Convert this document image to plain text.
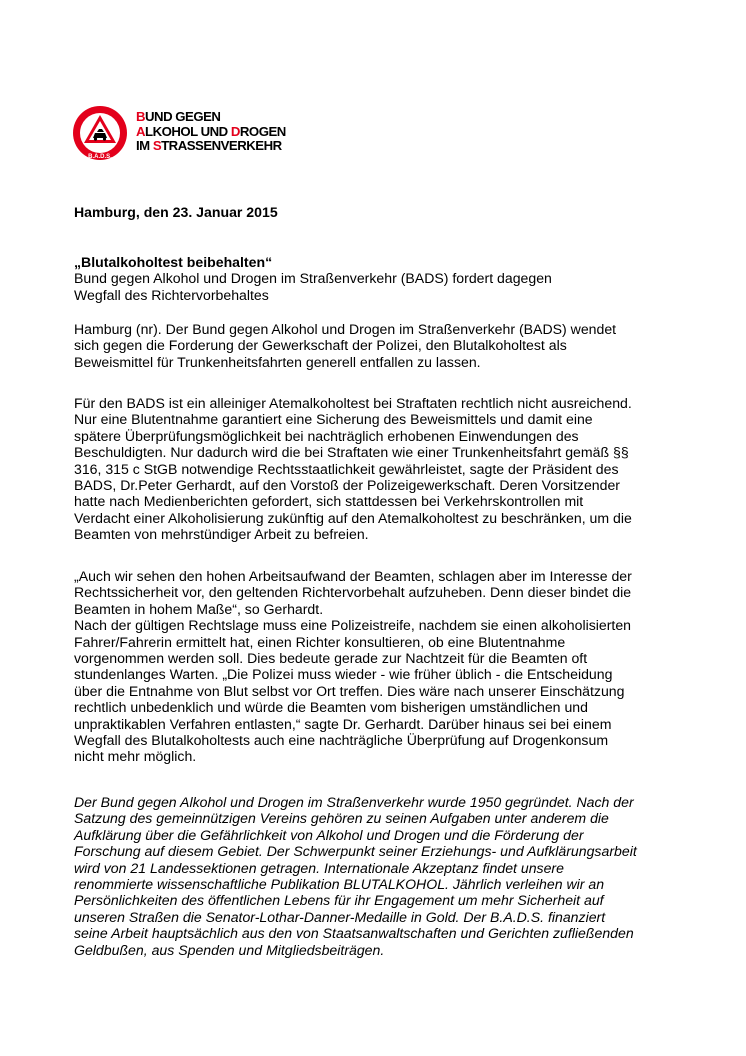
B.A.D.S.
BUND GEGEN
ALKOHOL UND DROGEN
IM STRASSENVERKEHR
Hamburg, den 23. Januar 2015
„Blutalkoholtest beibehalten“
Bund gegen Alkohol und Drogen im Straßenverkehr (BADS) fordert dagegen
Wegfall des Richtervorbehaltes
Hamburg (nr). Der Bund gegen Alkohol und Drogen im Straßenverkehr (BADS) wendet
sich gegen die Forderung der Gewerkschaft der Polizei, den Blutalkoholtest als
Beweismittel für Trunkenheitsfahrten generell entfallen zu lassen.
Für den BADS ist ein alleiniger Atemalkoholtest bei Straftaten rechtlich nicht ausreichend.
Nur eine Blutentnahme garantiert eine Sicherung des Beweismittels und damit eine
spätere Überprüfungsmöglichkeit bei nachträglich erhobenen Einwendungen des
Beschuldigten. Nur dadurch wird die bei Straftaten wie einer Trunkenheitsfahrt gemäß §§
316, 315 c StGB notwendige Rechtsstaatlichkeit gewährleistet, sagte der Präsident des
BADS, Dr.Peter Gerhardt, auf den Vorstoß der Polizeigewerkschaft. Deren Vorsitzender
hatte nach Medienberichten gefordert, sich stattdessen bei Verkehrskontrollen mit
Verdacht einer Alkoholisierung zukünftig auf den Atemalkoholtest zu beschränken, um die
Beamten von mehrstündiger Arbeit zu befreien.
„Auch wir sehen den hohen Arbeitsaufwand der Beamten, schlagen aber im Interesse der
Rechtssicherheit vor, den geltenden Richtervorbehalt aufzuheben. Denn dieser bindet die
Beamten in hohem Maße“, so Gerhardt.
Nach der gültigen Rechtslage muss eine Polizeistreife, nachdem sie einen alkoholisierten
Fahrer/Fahrerin ermittelt hat, einen Richter konsultieren, ob eine Blutentnahme
vorgenommen werden soll. Dies bedeute gerade zur Nachtzeit für die Beamten oft
stundenlanges Warten. „Die Polizei muss wieder - wie früher üblich - die Entscheidung
über die Entnahme von Blut selbst vor Ort treffen. Dies wäre nach unserer Einschätzung
rechtlich unbedenklich und würde die Beamten vom bisherigen umständlichen und
unpraktikablen Verfahren entlasten,“ sagte Dr. Gerhardt. Darüber hinaus sei bei einem
Wegfall des Blutalkoholtests auch eine nachträgliche Überprüfung auf Drogenkonsum
nicht mehr möglich.
Der Bund gegen Alkohol und Drogen im Straßenverkehr wurde 1950 gegründet. Nach der
Satzung des gemeinnützigen Vereins gehören zu seinen Aufgaben unter anderem die
Aufklärung über die Gefährlichkeit von Alkohol und Drogen und die Förderung der
Forschung auf diesem Gebiet. Der Schwerpunkt seiner Erziehungs- und Aufklärungsarbeit
wird von 21 Landessektionen getragen. Internationale Akzeptanz findet unsere
renommierte wissenschaftliche Publikation BLUTALKOHOL. Jährlich verleihen wir an
Persönlichkeiten des öffentlichen Lebens für ihr Engagement um mehr Sicherheit auf
unseren Straßen die Senator-Lothar-Danner-Medaille in Gold. Der B.A.D.S. finanziert
seine Arbeit hauptsächlich aus den von Staatsanwaltschaften und Gerichten zufließenden
Geldbußen, aus Spenden und Mitgliedsbeiträgen.
